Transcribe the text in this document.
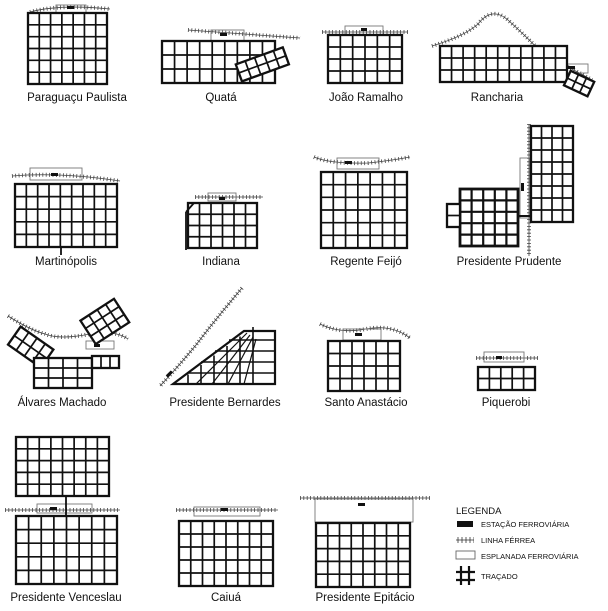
Paraguaçu Paulista	Quatá	João Ramalho	Rancharia
Martinópolis	Indiana	Regente Feijó	Presidente Prudente
Álvares Machado	Presidente Bernardes	Santo Anastácio	Piquerobi
Presidente Venceslau	Caiuá	Presidente Epitácio
LEGENDA
ESTAÇÃO FERROVIÁRIA
LINHA FÉRREA
ESPLANADA FERROVIÁRIA
TRAÇADO
